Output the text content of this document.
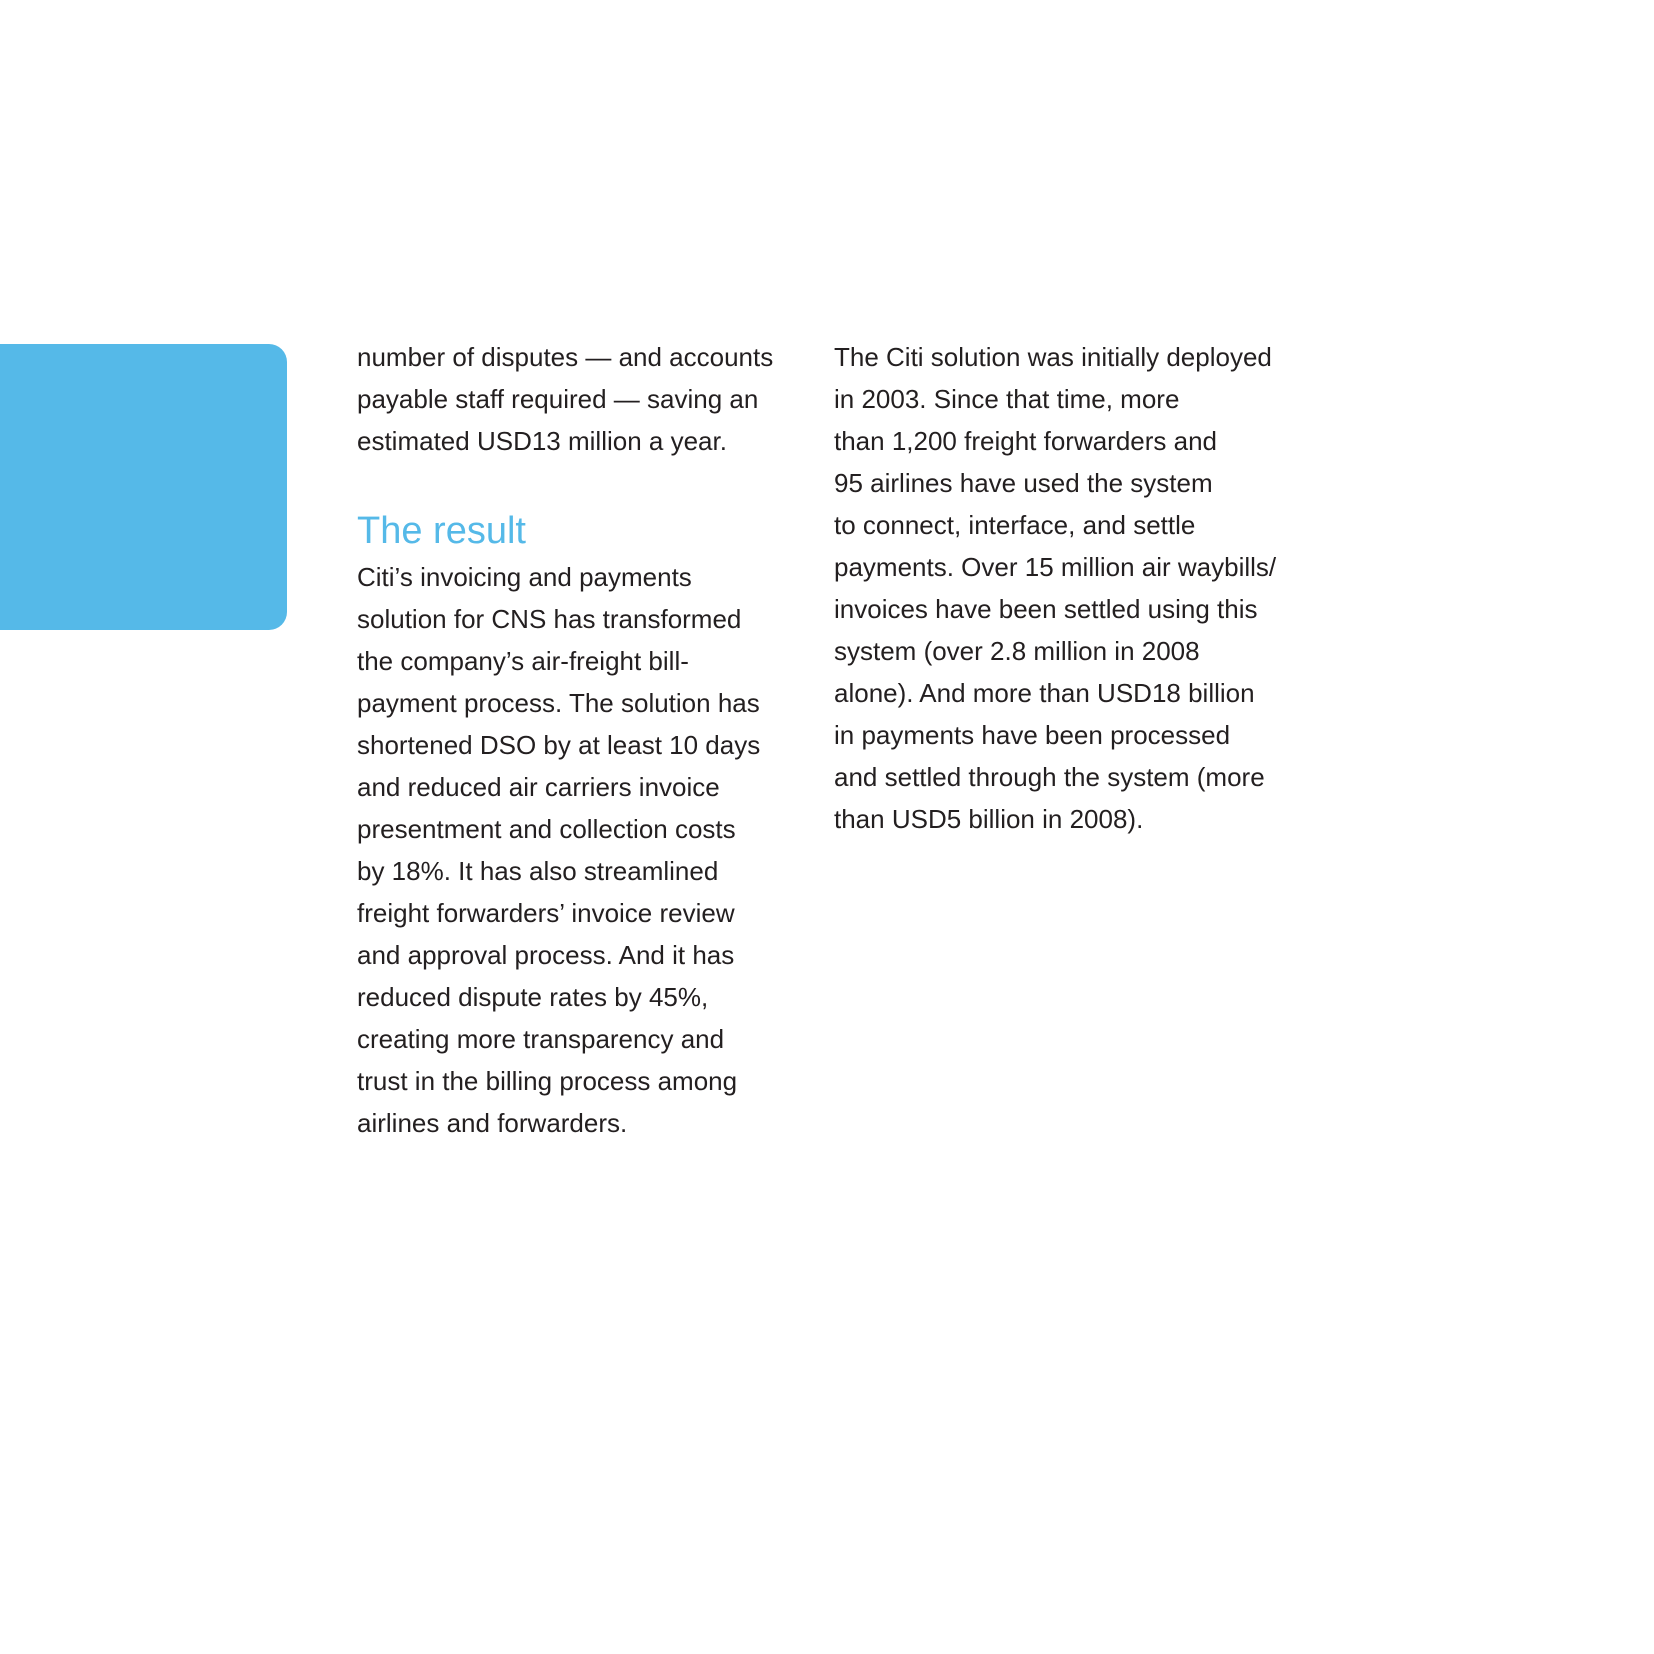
28
number of disputes — and accounts
payable staff required — saving an
estimated USD13 million a year.
The result
Citi’s invoicing and payments
solution for CNS has transformed
the company’s air-freight bill-
payment process. The solution has
shortened DSO by at least 10 days
and reduced air carriers invoice
presentment and collection costs
by 18%. It has also streamlined
freight forwarders’ invoice review
and approval process. And it has
reduced dispute rates by 45%,
creating more transparency and
trust in the billing process among
airlines and forwarders.
The Citi solution was initially deployed
in 2003. Since that time, more
than 1,200 freight forwarders and
95 airlines have used the system
to connect, interface, and settle
payments. Over 15 million air waybills/
invoices have been settled using this
system (over 2.8 million in 2008
alone). And more than USD18 billion
in payments have been processed
and settled through the system (more
than USD5 billion in 2008).
